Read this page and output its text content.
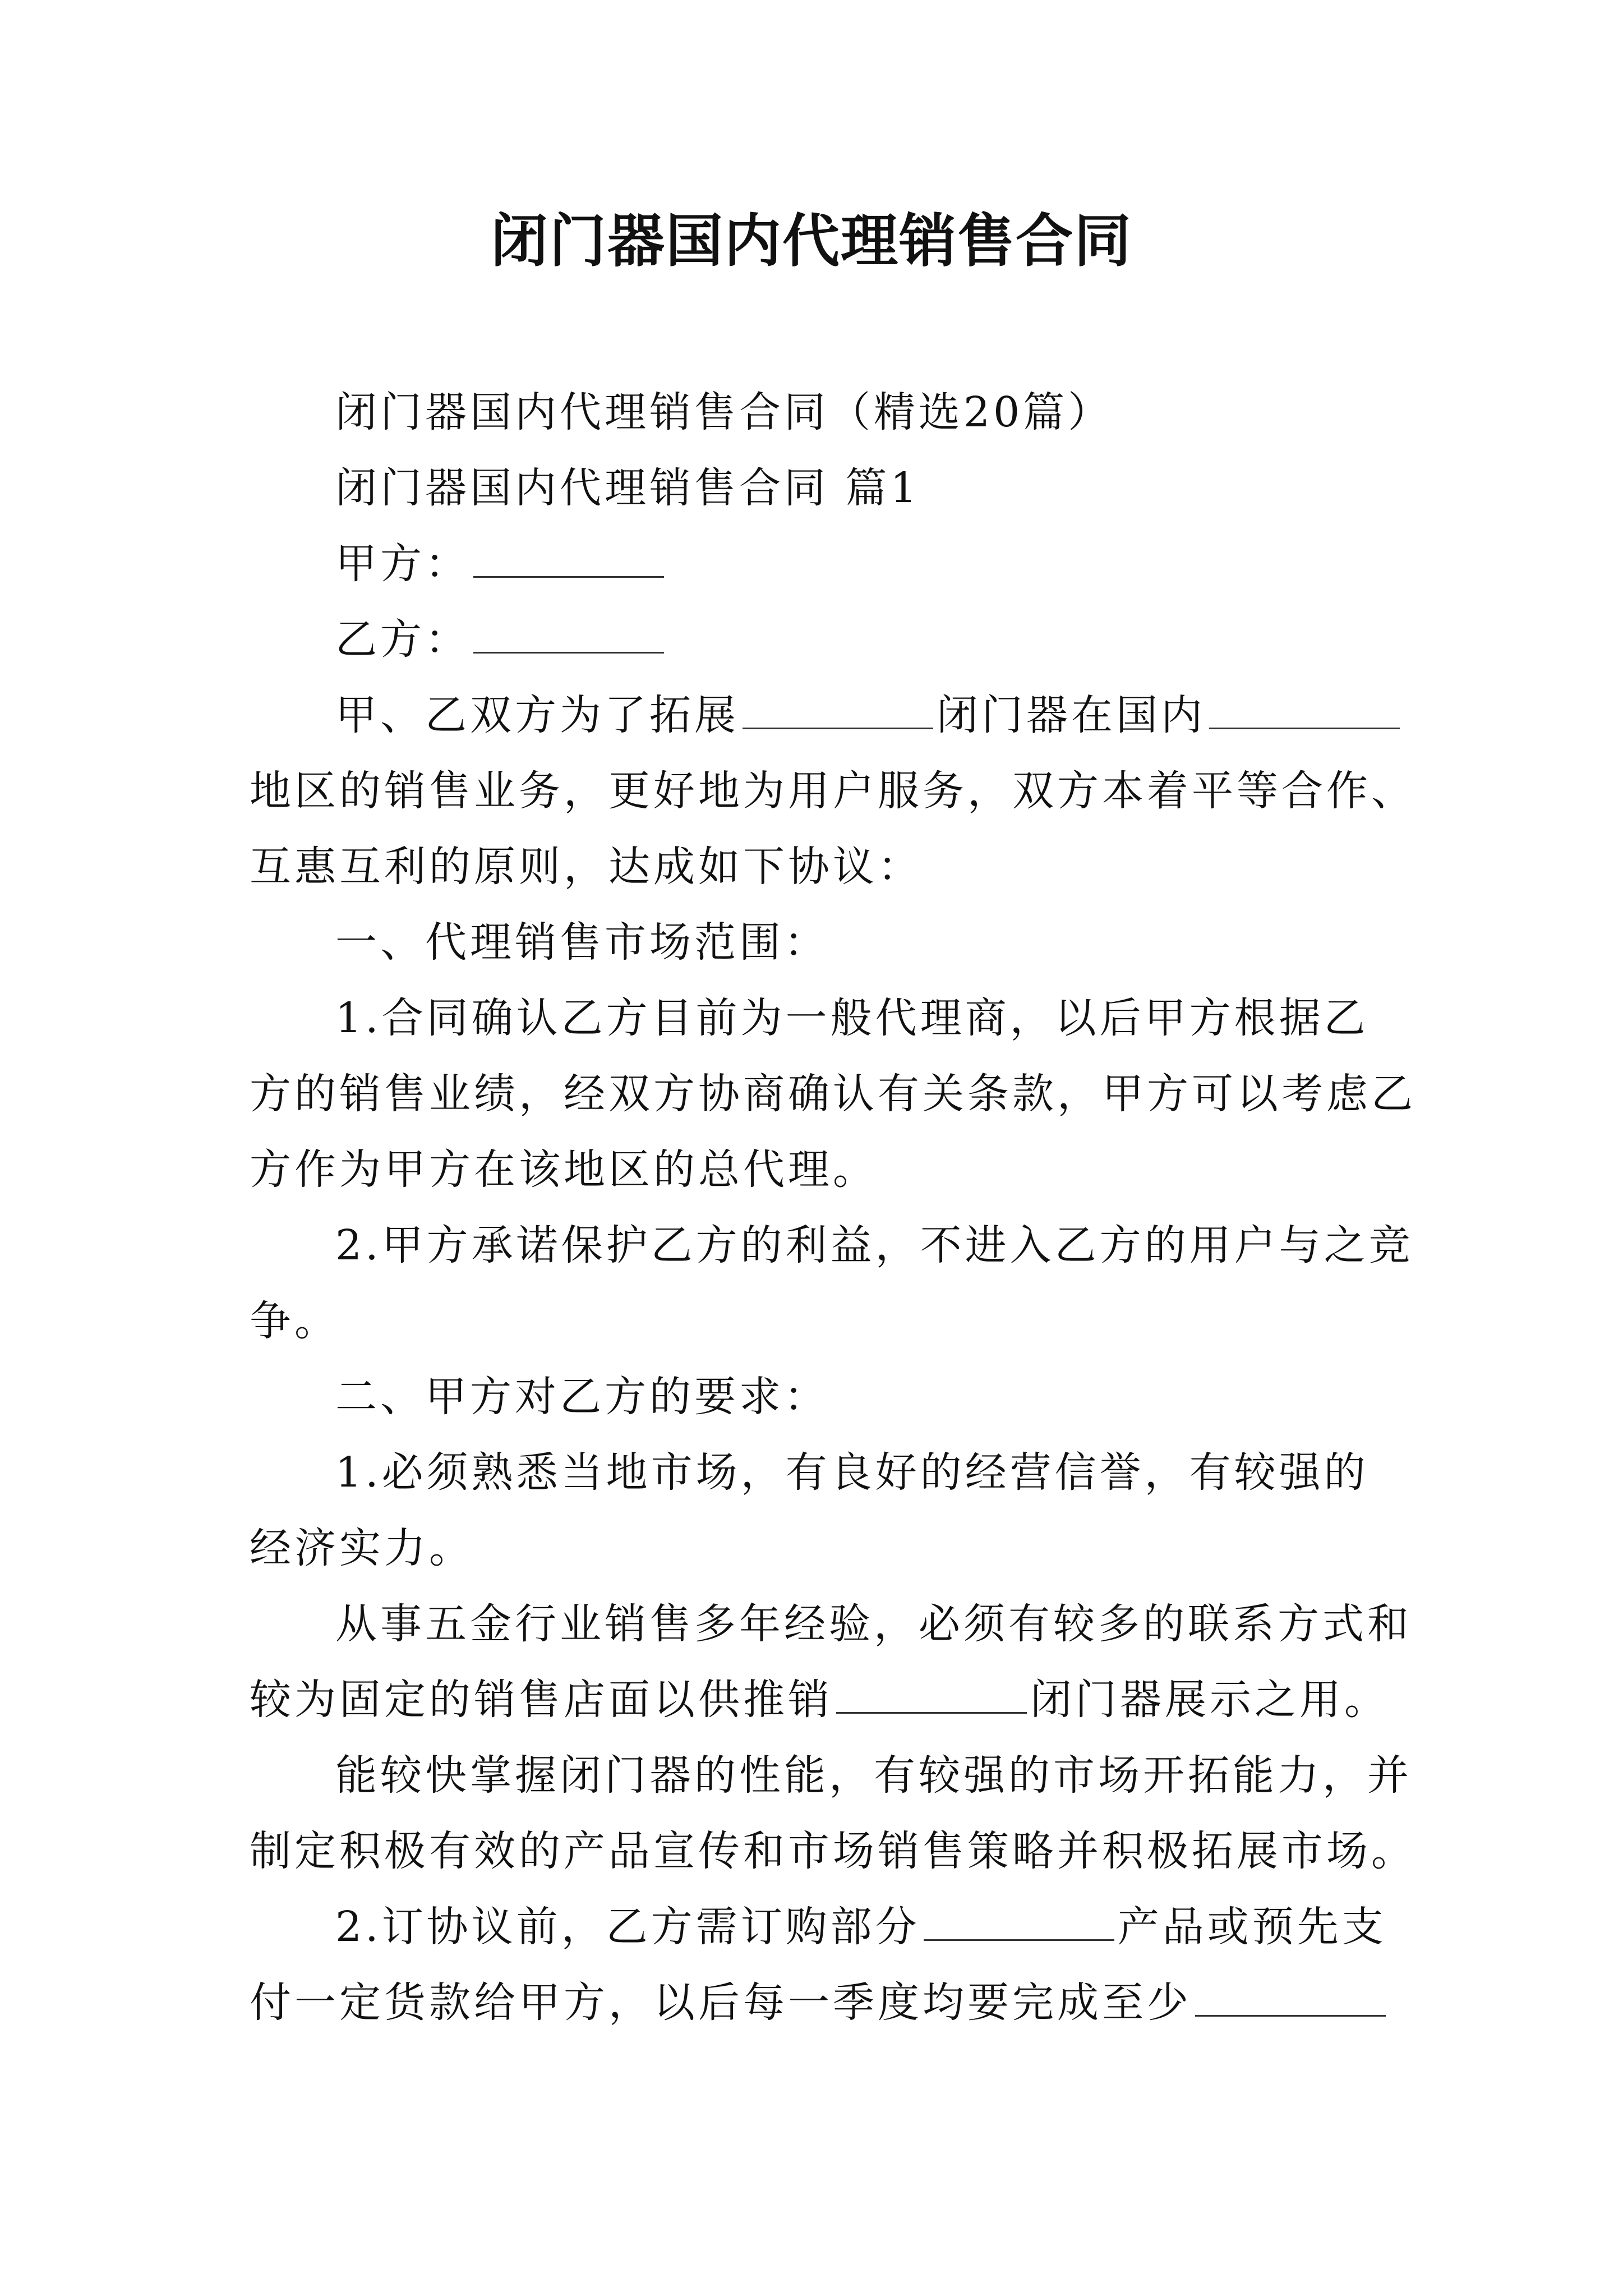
闭门器国内代理销售合同
闭门器国内代理销售合同（精选20篇）
闭门器国内代理销售合同 篇1
甲方：
乙方：
甲、乙双方为了拓展	闭门器在国内
地区的销售业务，更好地为用户服务，双方本着平等合作、
互惠互利的原则，达成如下协议：
一、代理销售市场范围：
1.合同确认乙方目前为一般代理商，以后甲方根据乙
方的销售业绩，经双方协商确认有关条款，甲方可以考虑乙
方作为甲方在该地区的总代理。
2.甲方承诺保护乙方的利益，不进入乙方的用户与之竞
争。
二、甲方对乙方的要求：
1.必须熟悉当地市场，有良好的经营信誉，有较强的
经济实力。
从事五金行业销售多年经验，必须有较多的联系方式和
较为固定的销售店面以供推销	闭门器展示之用。
能较快掌握闭门器的性能，有较强的市场开拓能力，并
制定积极有效的产品宣传和市场销售策略并积极拓展市场。
2.订协议前，乙方需订购部分	产品或预先支
付一定货款给甲方，以后每一季度均要完成至少
